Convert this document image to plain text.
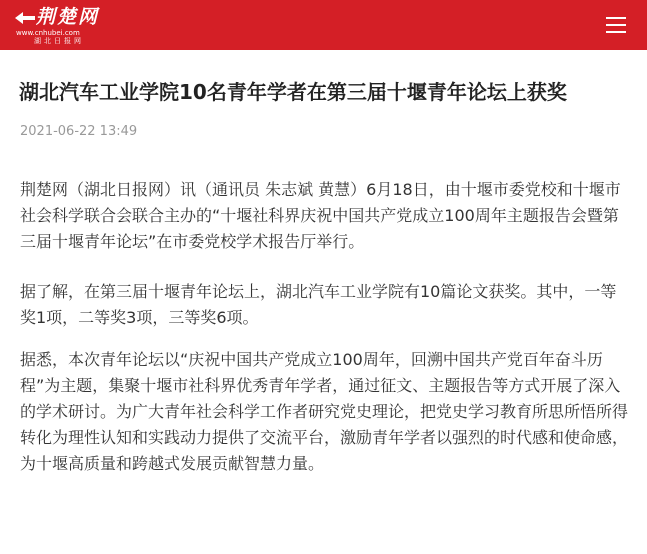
荆楚网
www.cnhubei.com
湖北日报网
湖北汽车工业学院10名青年学者在第三届十堰青年论坛上获奖
2021-06-22 13:49

荆楚网（湖北日报网）讯（通讯员 朱志斌 黄慧）6月18日，由十堰市委党校和十堰市社会科学联合会联合主办的“十堰社科界庆祝中国共产党成立100周年主题报告会暨第三届十堰青年论坛”在市委党校学术报告厅举行。

据了解，在第三届十堰青年论坛上，湖北汽车工业学院有10篇论文获奖。其中，一等奖1项，二等奖3项，三等奖6项。

据悉，本次青年论坛以“庆祝中国共产党成立100周年，回溯中国共产党百年奋斗历程”为主题，集聚十堰市社科界优秀青年学者，通过征文、主题报告等方式开展了深入的学术研讨。为广大青年社会科学工作者研究党史理论，把党史学习教育所思所悟所得转化为理性认知和实践动力提供了交流平台，激励青年学者以强烈的时代感和使命感，为十堰高质量和跨越式发展贡献智慧力量。
